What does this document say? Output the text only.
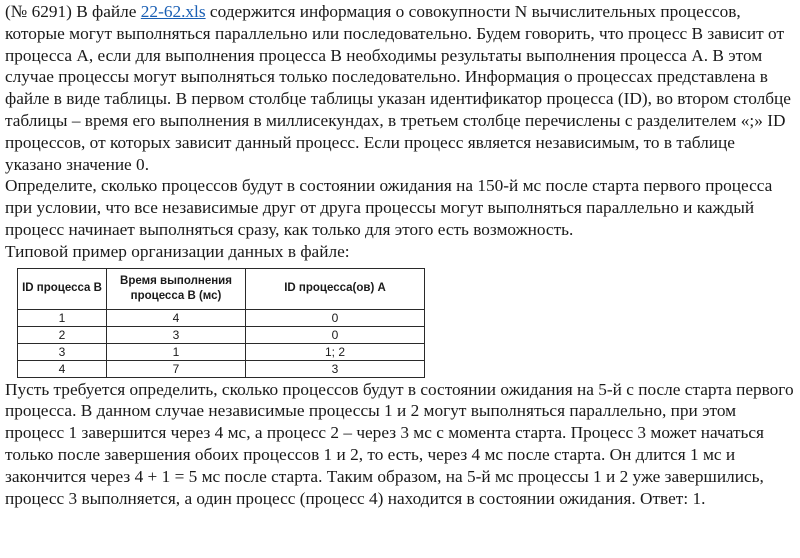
(№ 6291) В файле 22-62.xls содержится информация о совокупности N вычислительных процессов, которые могут выполняться параллельно или последовательно. Будем говорить, что процесс B зависит от процесса A, если для выполнения процесса B необходимы результаты выполнения процесса A. В этом случае процессы могут выполняться только последовательно. Информация о процессах представлена в файле в виде таблицы. В первом столбце таблицы указан идентификатор процесса (ID), во втором столбце таблицы – время его выполнения в миллисекундах, в третьем столбце перечислены с разделителем «;» ID процессов, от которых зависит данный процесс. Если процесс является независимым, то в таблице указано значение 0.

Определите, сколько процессов будут в состоянии ожидания на 150-й мс после старта первого процесса при условии, что все независимые друг от друга процессы могут выполняться параллельно и каждый процесс начинает выполняться сразу, как только для этого есть возможность.

Типовой пример организации данных в файле:

ID процесса B	Время выполнения процесса B (мс)	ID процесса(ов) A
1	4	0
2	3	0
3	1	1; 2
4	7	3

Пусть требуется определить, сколько процессов будут в состоянии ожидания на 5-й с после старта первого процесса. В данном случае независимые процессы 1 и 2 могут выполняться параллельно, при этом процесс 1 завершится через 4 мс, а процесс 2 – через 3 мс с момента старта. Процесс 3 может начаться только после завершения обоих процессов 1 и 2, то есть, через 4 мс после старта. Он длится 1 мс и закончится через 4 + 1 = 5 мс после старта. Таким образом, на 5-й мс процессы 1 и 2 уже завершились, процесс 3 выполняется, а один процесс (процесс 4) находится в состоянии ожидания. Ответ: 1.
